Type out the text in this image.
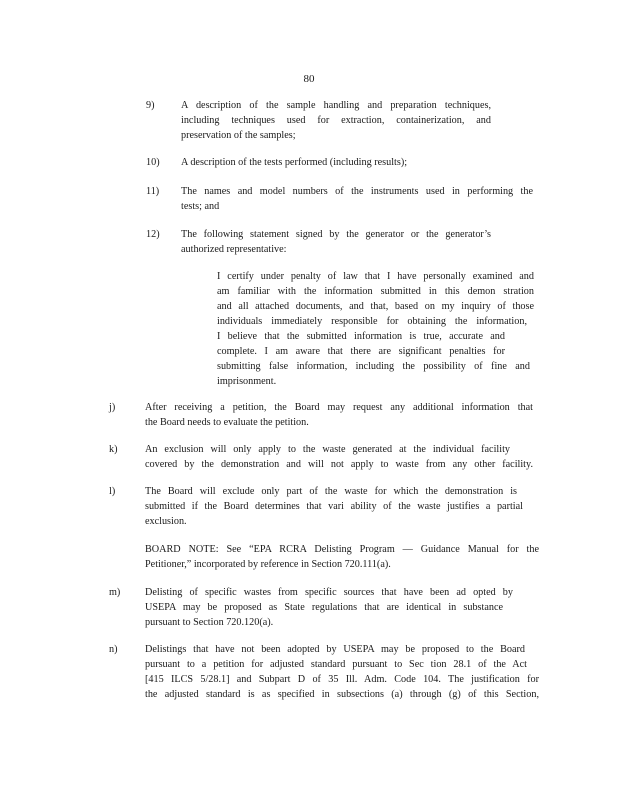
80
9)	A description of the sample handling and preparation techniques,
including techniques used for extraction, containerization, and
preservation of the samples;
10) A description of the tests performed (including results);
11) The names and model numbers of the instruments used in performing the
tests; and
12) The following statement signed by the generator or the generator’s
authorized representative:
I certify under penalty of law that I have personally examined and
am familiar with the information submitted in this demon stration
and all attached documents, and that, based on my inquiry of those
individuals immediately responsible for obtaining the information,
I believe that the submitted information is true, accurate and
complete. I am aware that there are significant penalties for
submitting false information, including the possibility of fine and
imprisonment.
j)	After receiving a petition, the Board may request any additional information that
the Board needs to evaluate the petition.
k)	An exclusion will only apply to the waste generated at the individual facility
covered by the demonstration and will not apply to waste from any other facility.
l)	The Board will exclude only part of the waste for which the demonstration is
submitted if the Board determines that vari ability of the waste justifies a partial
exclusion.
BOARD NOTE: See “EPA RCRA Delisting Program — Guidance Manual for the
Petitioner,” incorporated by reference in Section 720.111(a).
m) Delisting of specific wastes from specific sources that have been ad opted by
USEPA may be proposed as State regulations that are identical in substance
pursuant to Section 720.120(a).
n)	Delistings that have not been adopted by USEPA may be proposed to the Board
pursuant to a petition for adjusted standard pursuant to Sec tion 28.1 of the Act
[415 ILCS 5/28.1] and Subpart D of 35 Ill. Adm. Code 104. The justification for
the adjusted standard is as specified in subsections (a) through (g) of this Section,
